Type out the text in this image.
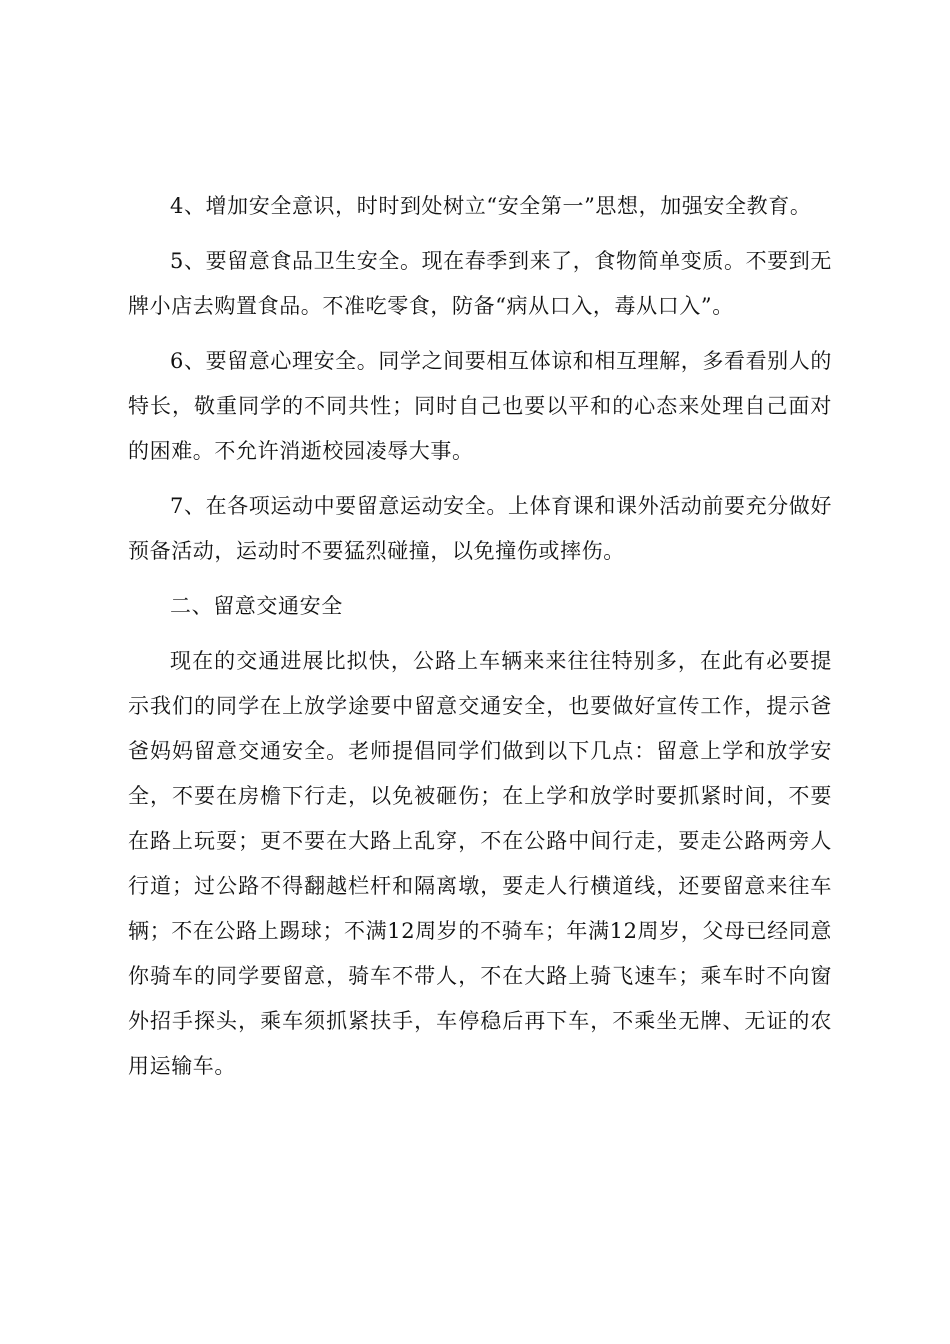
4、增加安全意识，时时到处树立“安全第一”思想，加强安全教育。

5、要留意食品卫生安全。现在春季到来了，食物简单变质。不要到无牌小店去购置食品。不准吃零食，防备“病从口入，毒从口入”。

6、要留意心理安全。同学之间要相互体谅和相互理解，多看看别人的特长，敬重同学的不同共性；同时自己也要以平和的心态来处理自己面对的困难。不允许消逝校园凌辱大事。

7、在各项运动中要留意运动安全。上体育课和课外活动前要充分做好预备活动，运动时不要猛烈碰撞，以免撞伤或摔伤。

二、留意交通安全

现在的交通进展比拟快，公路上车辆来来往往特别多，在此有必要提示我们的同学在上放学途要中留意交通安全，也要做好宣传工作，提示爸爸妈妈留意交通安全。老师提倡同学们做到以下几点：留意上学和放学安全，不要在房檐下行走，以免被砸伤；在上学和放学时要抓紧时间，不要在路上玩耍；更不要在大路上乱穿，不在公路中间行走，要走公路两旁人行道；过公路不得翻越栏杆和隔离墩，要走人行横道线，还要留意来往车辆；不在公路上踢球；不满12周岁的不骑车；年满12周岁，父母已经同意你骑车的同学要留意，骑车不带人，不在大路上骑飞速车；乘车时不向窗外招手探头，乘车须抓紧扶手，车停稳后再下车，不乘坐无牌、无证的农用运输车。
